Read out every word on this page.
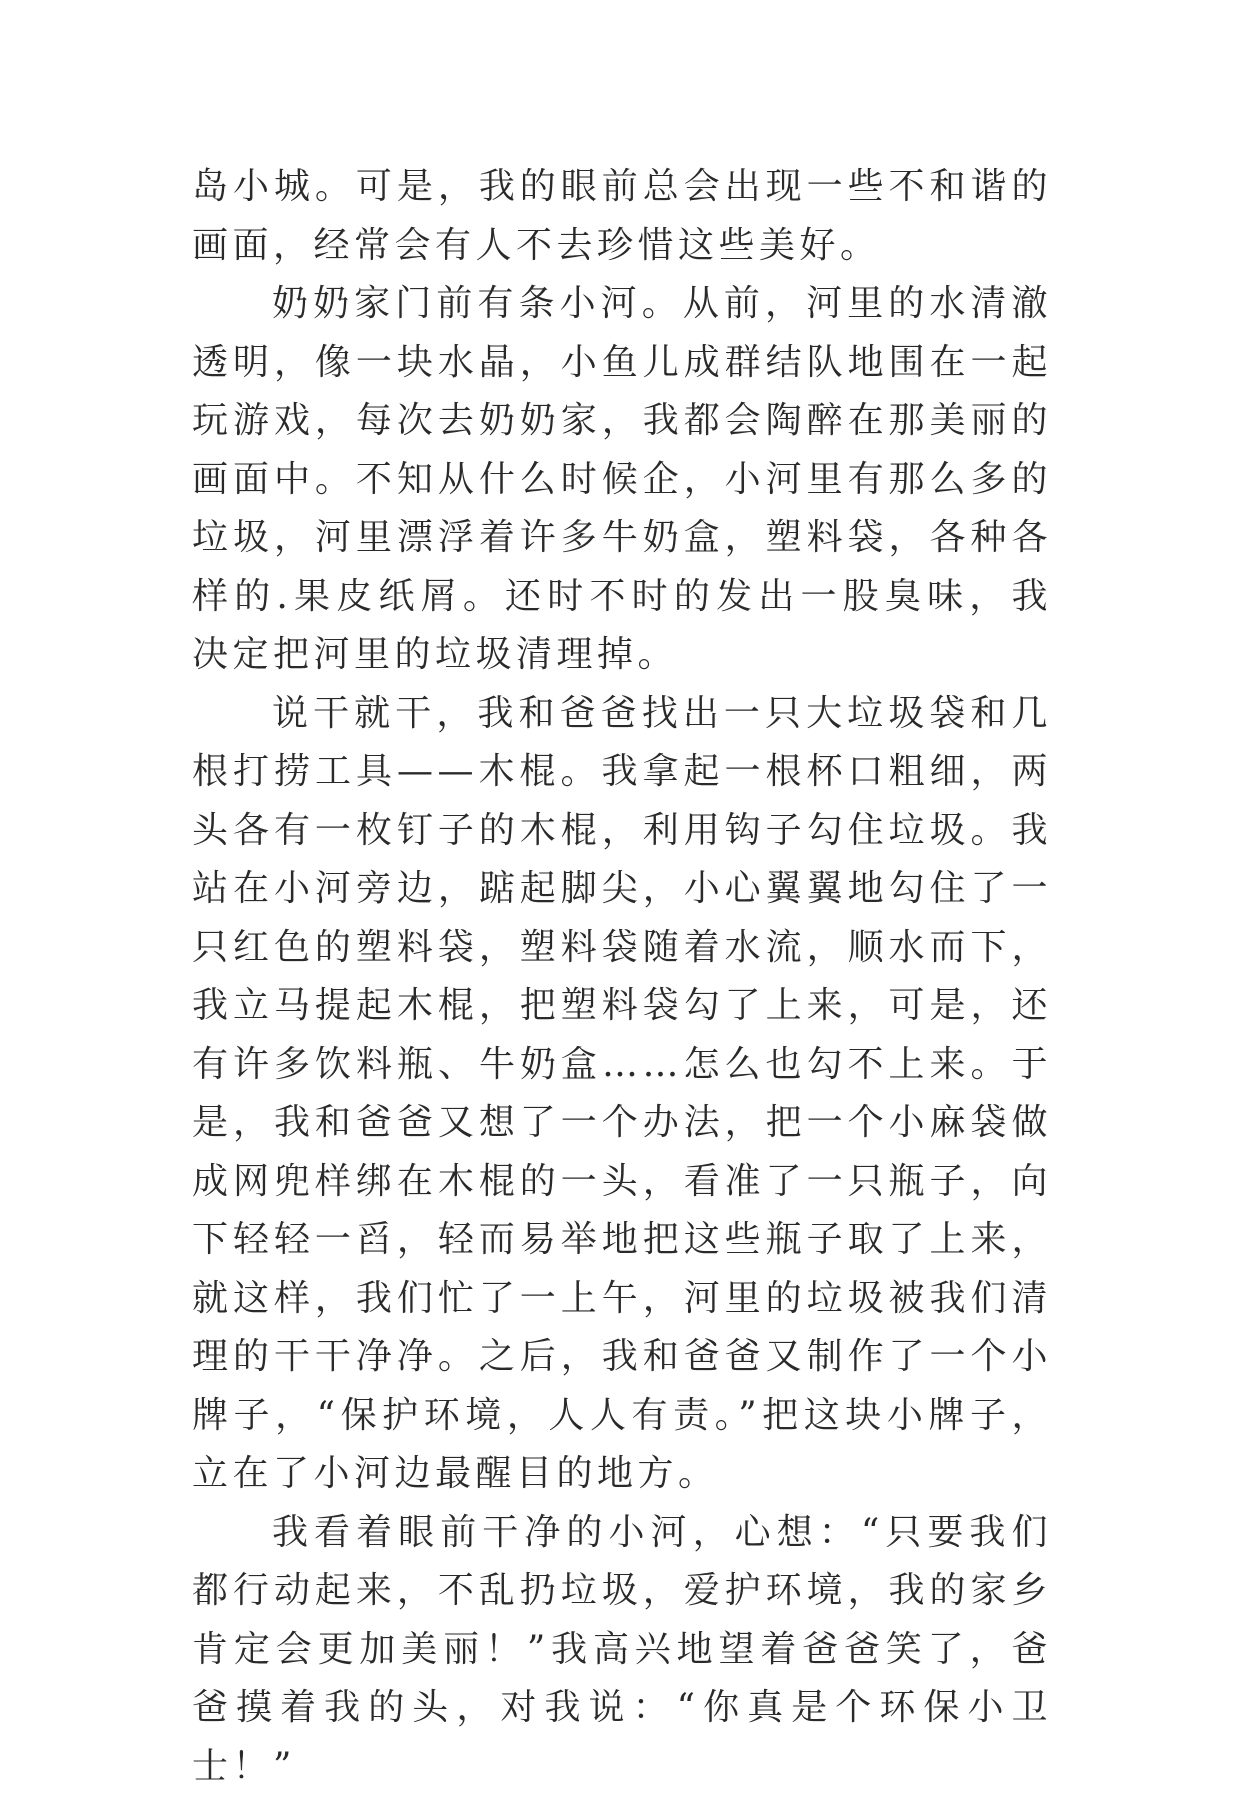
岛小城。可是，我的眼前总会出现一些不和谐的画面，经常会有人不去珍惜这些美好。

奶奶家门前有条小河。从前，河里的水清澈透明，像一块水晶，小鱼儿成群结队地围在一起玩游戏，每次去奶奶家，我都会陶醉在那美丽的画面中。不知从什么时候企，小河里有那么多的垃圾，河里漂浮着许多牛奶盒，塑料袋，各种各样的.果皮纸屑。还时不时的发出一股臭味，我决定把河里的垃圾清理掉。

说干就干，我和爸爸找出一只大垃圾袋和几根打捞工具——木棍。我拿起一根杯口粗细，两头各有一枚钉子的木棍，利用钩子勾住垃圾。我站在小河旁边，踮起脚尖，小心翼翼地勾住了一只红色的塑料袋，塑料袋随着水流，顺水而下，我立马提起木棍，把塑料袋勾了上来，可是，还有许多饮料瓶、牛奶盒……怎么也勾不上来。于是，我和爸爸又想了一个办法，把一个小麻袋做成网兜样绑在木棍的一头，看准了一只瓶子，向下轻轻一舀，轻而易举地把这些瓶子取了上来，就这样，我们忙了一上午，河里的垃圾被我们清理的干干净净。之后，我和爸爸又制作了一个小牌子，“保护环境，人人有责。”把这块小牌子，立在了小河边最醒目的地方。

我看着眼前干净的小河，心想：“只要我们都行动起来，不乱扔垃圾，爱护环境，我的家乡肯定会更加美丽！”我高兴地望着爸爸笑了，爸爸摸着我的头，对我说：“你真是个环保小卫士！”
